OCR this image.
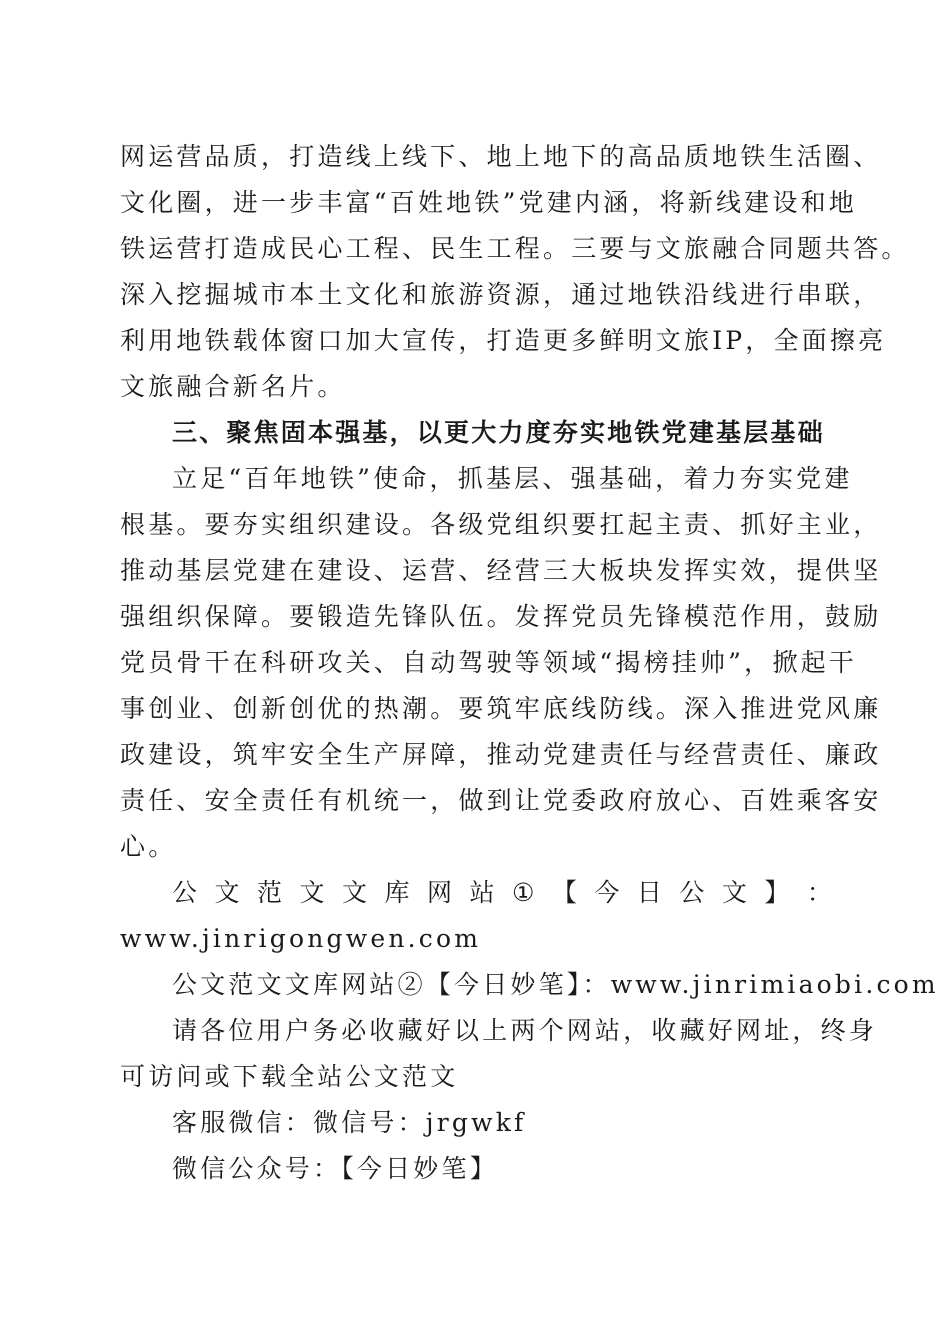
网运营品质，打造线上线下、地上地下的高品质地铁生活圈、
文化圈，进一步丰富“百姓地铁”党建内涵，将新线建设和地
铁运营打造成民心工程、民生工程。三要与文旅融合同题共答。
深入挖掘城市本土文化和旅游资源，通过地铁沿线进行串联，
利用地铁载体窗口加大宣传，打造更多鲜明文旅IP，全面擦亮
文旅融合新名片。
三、聚焦固本强基，以更大力度夯实地铁党建基层基础
立足“百年地铁”使命，抓基层、强基础，着力夯实党建
根基。要夯实组织建设。各级党组织要扛起主责、抓好主业，
推动基层党建在建设、运营、经营三大板块发挥实效，提供坚
强组织保障。要锻造先锋队伍。发挥党员先锋模范作用，鼓励
党员骨干在科研攻关、自动驾驶等领域“揭榜挂帅”，掀起干
事创业、创新创优的热潮。要筑牢底线防线。深入推进党风廉
政建设，筑牢安全生产屏障，推动党建责任与经营责任、廉政
责任、安全责任有机统一，做到让党委政府放心、百姓乘客安
心。
公 文 范 文 文 库 网 站 ① 【 今 日 公 文 】 ：
www.jinrigongwen.com
公文范文文库网站②【今日妙笔】：www.jinrimiaobi.com
请各位用户务必收藏好以上两个网站，收藏好网址，终身
可访问或下载全站公文范文
客服微信：微信号：jrgwkf
微信公众号：【今日妙笔】
